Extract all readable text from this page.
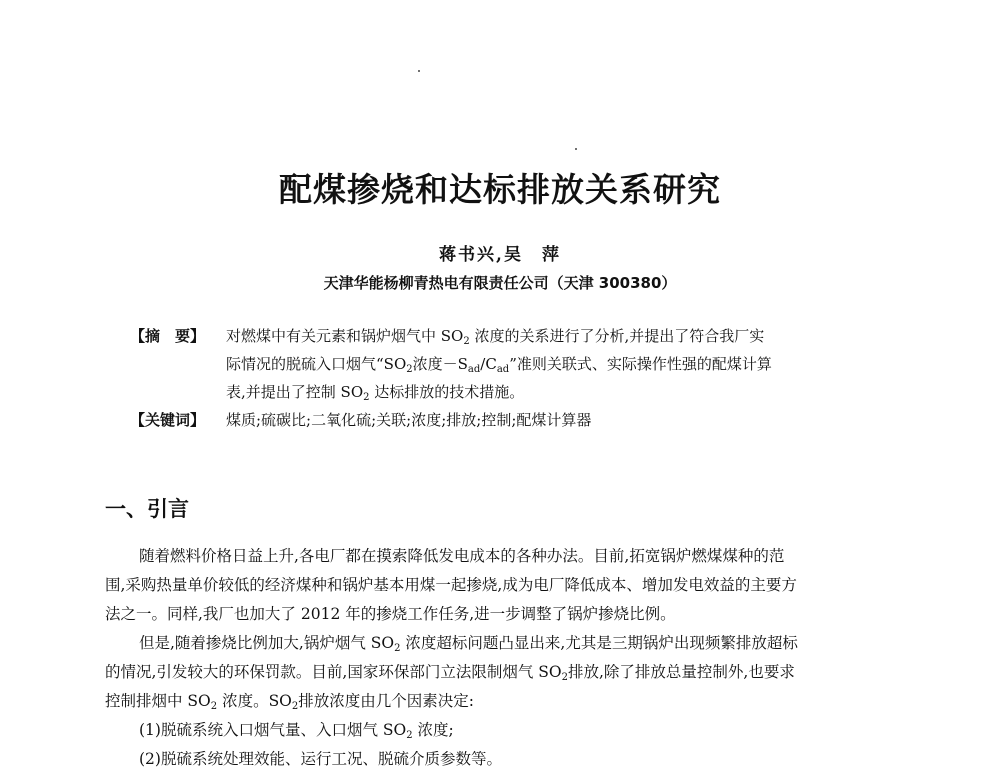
配煤掺烧和达标排放关系研究
蒋书兴,吴　萍
天津华能杨柳青热电有限责任公司（天津 300380）
【摘　要】	对燃煤中有关元素和锅炉烟气中 $SO_2$ 浓度的关系进行了分析,并提出了符合我厂实
际情况的脱硫入口烟气“$SO_2$浓度$-S_{ad}/C_{ad}$”准则关联式、实际操作性强的配煤计算
表,并提出了控制 $SO_2$ 达标排放的技术措施。
【关键词】	煤质;硫碳比;二氧化硫;关联;浓度;排放;控制;配煤计算器
一、引言
随着燃料价格日益上升,各电厂都在摸索降低发电成本的各种办法。目前,拓宽锅炉燃煤煤种的范
围,采购热量单价较低的经济煤种和锅炉基本用煤一起掺烧,成为电厂降低成本、增加发电效益的主要方
法之一。同样,我厂也加大了 2012 年的掺烧工作任务,进一步调整了锅炉掺烧比例。
但是,随着掺烧比例加大,锅炉烟气 $SO_2$ 浓度超标问题凸显出来,尤其是三期锅炉出现频繁排放超标
的情况,引发较大的环保罚款。目前,国家环保部门立法限制烟气 $SO_2$排放,除了排放总量控制外,也要求
控制排烟中 $SO_2$ 浓度。$SO_2$排放浓度由几个因素决定:
(1)脱硫系统入口烟气量、入口烟气 $SO_2$ 浓度;
(2)脱硫系统处理效能、运行工况、脱硫介质参数等。
